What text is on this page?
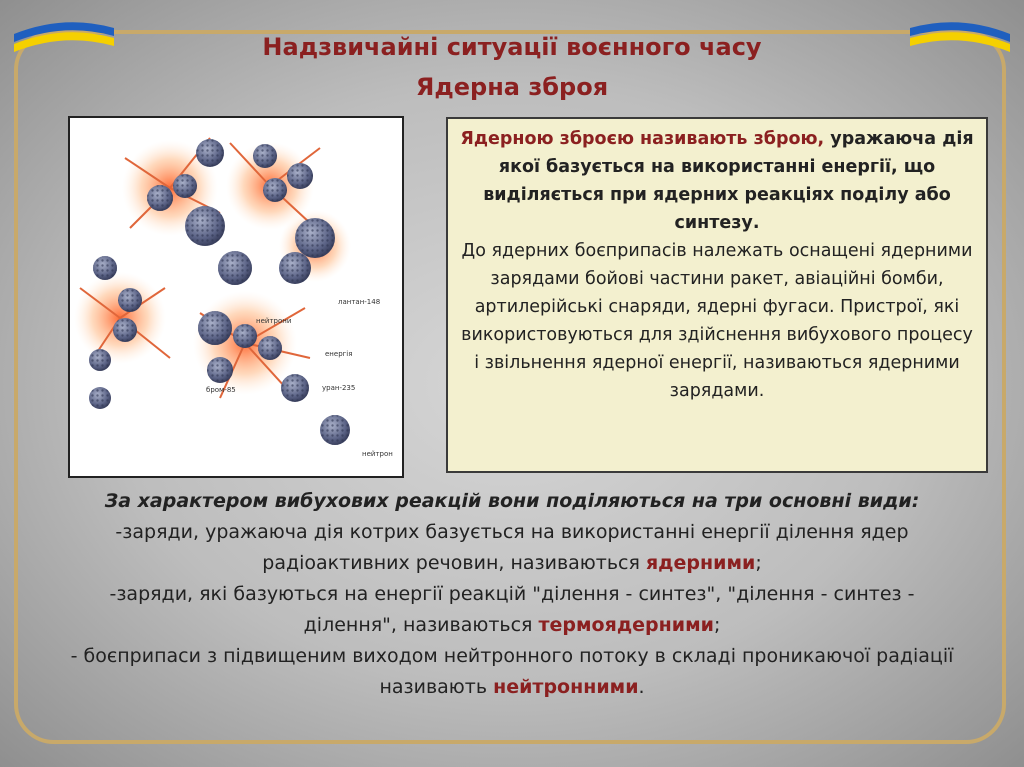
Надзвичайні ситуації воєнного часу
Ядерна зброя
лантан-148
нейтрони
енергія
бром-85	уран-235
нейтрон

Ядерною зброєю називають зброю, уражаюча дія якої базується на використанні енергії, що виділяється при ядерних реакціях поділу або синтезу.

До ядерних боєприпасів належать оснащені ядерними зарядами бойові частини ракет, авіаційні бомби, артилерійські снаряди, ядерні фугаси. Пристрої, які використовуються для здійснення вибухового процесу і звільнення ядерної енергії, називаються ядерними зарядами.

За характером вибухових реакцій вони поділяються на три основні види:

-заряди, уражаюча дія котрих базується на використанні енергії ділення ядер радіоактивних речовин, називаються ядерними;

-заряди, які базуються на енергії реакцій "ділення - синтез", "ділення - синтез - ділення", називаються термоядерними;

- боєприпаси з підвищеним виходом нейтронного потоку в складі проникаючої радіації називають нейтронними.
